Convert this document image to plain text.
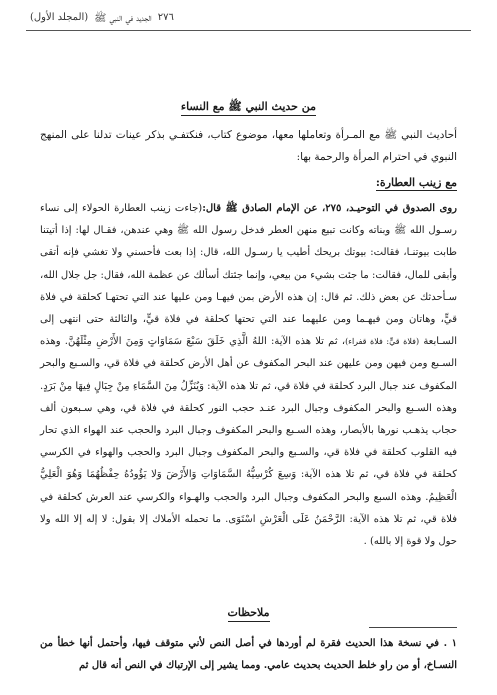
٢٧٦
الجديد في النبي ﷺ
(المجلد الأول)
من حديث النبي ﷺ مع النساء
أحاديث النبي ﷺ مع المـرأة وتعاملها معها، موضوع كتاب، فنكتفـي بذكر عينات تدلنا على المنهج النبوي في احترام المرأة والرحمة بها:
مع زينب العطارة:
روى الصدوق في التوحيـد، ٢٧٥، عن الإمام الصادق ﷺ قال:(جاءت زينب العطارة الحولاء إلى نساء رسـول الله ﷺ وبناته وكانت تبيع منهن العطر فدخل رسول الله ﷺ وهي عندهن، فقـال لها: إذا أتيتنا طابت بيوتنـا، فقالت: بيوتك بريحك أطيب يا رسـول الله، قال: إذا بعت فأحسني ولا تغشي فإنه أتقى وأبقى للمال، فقالت: ما جئت بشيء من بيعي، وإنما جئتك أسألك عن عظمة الله، فقال: جل جلال الله، سـأحدثك عن بعض ذلك. ثم قال: إن هذه الأرض بمن فيهـا ومن عليها عند التي تحتهـا كحلقة في فلاة قيٍّ، وهاتان ومن فيهـما ومن عليهما عند التي تحتها كحلقة في فلاة قيٍّ، والثالثة حتى انتهى إلى السـابعة (فلاة قيٍّ: فلاة قفراء)، ثم تلا هذه الآية: اللهُ الَّذِي خَلَقَ سَبْعَ سَمَاوَاتٍ وَمِنَ الأَرْضِ مِثْلَهُنَّ. وهذه السـبع ومن فيهن ومن عليهن عند البحر المكفوف عن أهل الأرض كحلقة في فلاة قي، والسـبع والبحر المكفوف عند جبال البرد كحلقة في فلاة قي، ثم تلا هذه الآية: وَيُنَزِّلُ مِنَ السَّمَاءِ مِنْ جِبَالٍ فِيهَا مِنْ بَرَدٍ. وهذه السـبع والبحر المكفوف وجبال البرد عنـد حجب النور كحلقة في فلاة قي، وهي سـبعون ألف حجاب يذهـب نورها بالأبصار، وهذه السـبع والبحر المكفوف وجبال البرد والحجب عند الهواء الذي تحار فيه القلوب كحلقة في فلاة قي، والسـبع والبحر المكفوف وجبال البرد والحجب والهواء في الكرسي كحلقة في فلاة قي، ثم تلا هذه الآية: وَسِعَ كُرْسِيُّهُ السَّمَاوَاتِ وَالأَرْضَ وَلا يَؤُودُهُ حِفْظُهُمَا وَهُوَ الْعَلِيُّ الْعَظِيمُ. وهذه السبع والبحر المكفوف وجبال البرد والحجب والهـواء والكرسي عند العرش كحلقة في فلاة قي، ثم تلا هذه الآية: الرَّحْمَنُ عَلَى الْعَرْشِ اسْتَوَى. ما تحمله الأملاك إلا بقول: لا إله إلا الله ولا حول ولا قوة إلا بالله) .
ملاحظات
١ . في نسخة هذا الحديث فقرة لم أوردها في أصل النص لأني متوقف فيها، وأحتمل أنها خطأ من النسـاخ، أو من راو خلط الحديث بحديث عامي. ومما يشير إلى الإرتباك في النص أنه قال ثم
